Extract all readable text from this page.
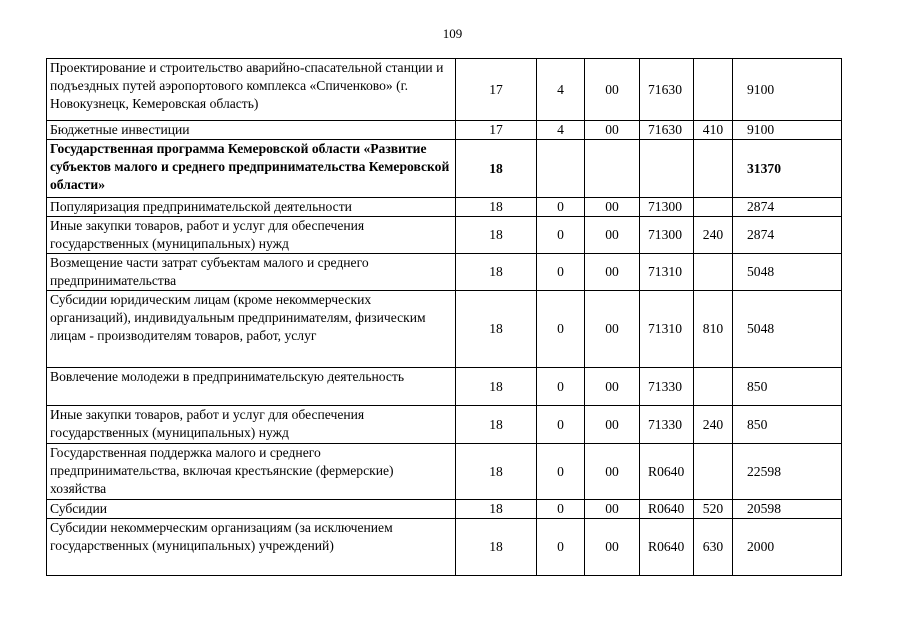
109
Проектирование и строительство аварийно-спасательной станции и подъездных путей аэропортового комплекса «Спиченково» (г. Новокузнецк, Кемеровская область)	17	4	00	71630		9100
Бюджетные инвестиции	17	4	00	71630	410	9100
Государственная программа Кемеровской области «Развитие субъектов малого и среднего предпринимательства Кемеровской области»	18					31370
Популяризация предпринимательской деятельности	18	0	00	71300		2874
Иные закупки товаров, работ и услуг для обеспечения государственных (муниципальных) нужд	18	0	00	71300	240	2874
Возмещение части затрат субъектам малого и среднего предпринимательства	18	0	00	71310		5048
Субсидии юридическим лицам (кроме некоммерческих организаций), индивидуальным предпринимателям, физическим лицам - производителям товаров, работ, услуг	18	0	00	71310	810	5048
Вовлечение молодежи в предпринимательскую деятельность	18	0	00	71330		850
Иные закупки товаров, работ и услуг для обеспечения государственных (муниципальных) нужд	18	0	00	71330	240	850
Государственная поддержка малого и среднего предпринимательства, включая крестьянские (фермерские) хозяйства	18	0	00	R0640		22598
Субсидии	18	0	00	R0640	520	20598
Субсидии некоммерческим организациям (за исключением государственных (муниципальных) учреждений)	18	0	00	R0640	630	2000
